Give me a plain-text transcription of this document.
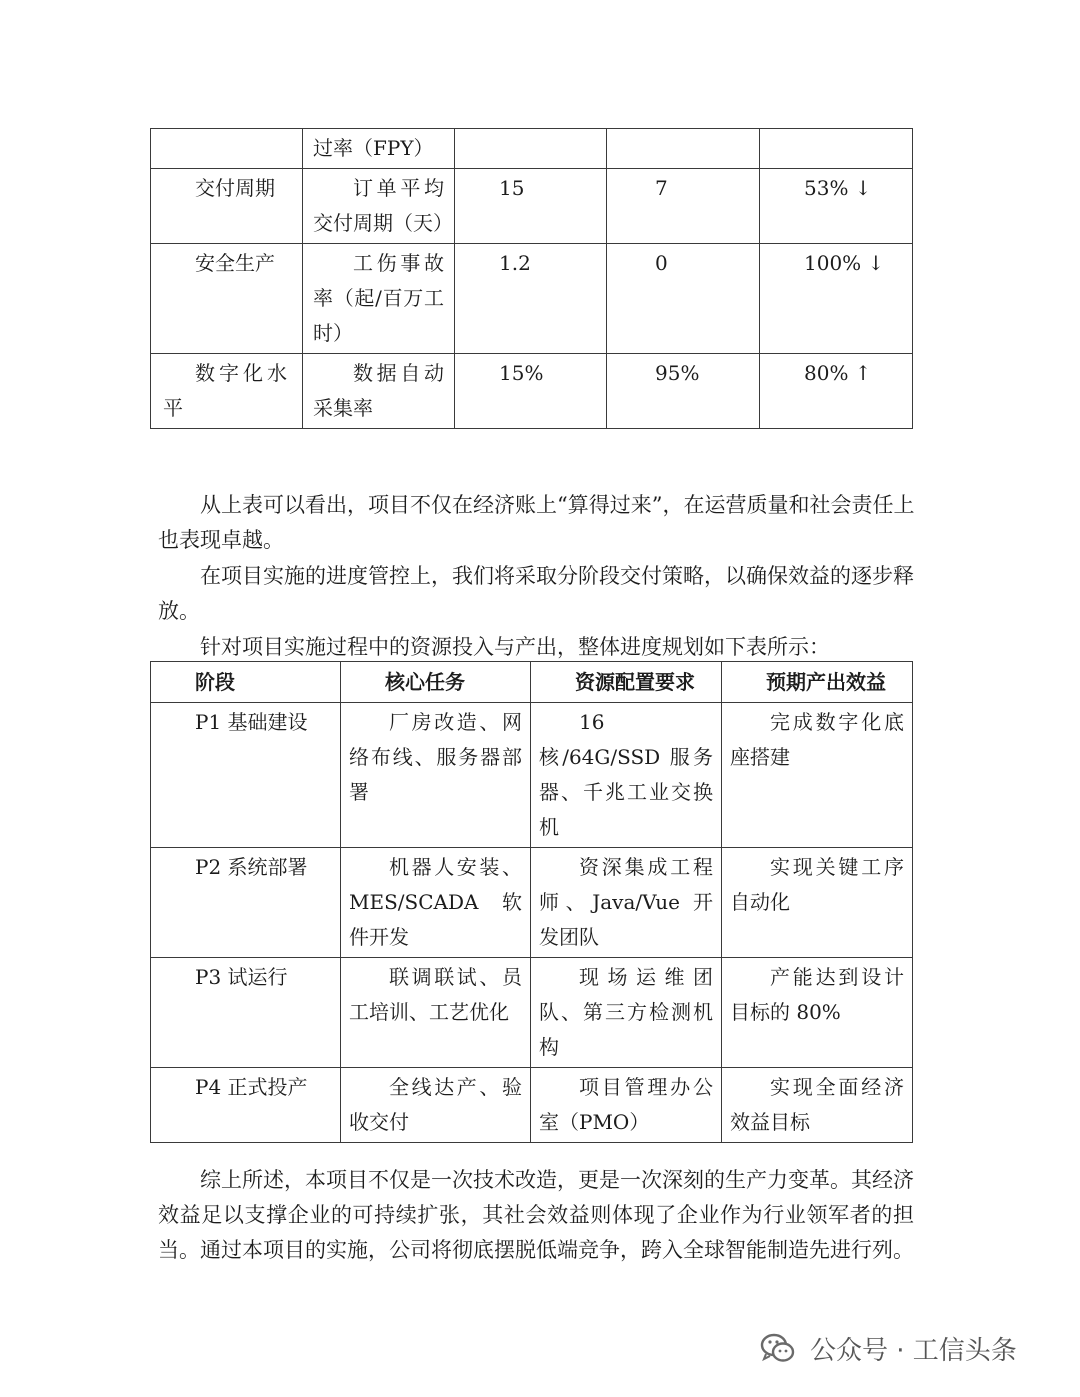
	过率（FPY）			
交付周期	订单平均交付周期（天）	15	7	53% ↓
安全生产	工伤事故率（起/百万工时）	1.2	0	100% ↓
数字化水平	数据自动采集率	15%	95%	80% ↑

从上表可以看出，项目不仅在经济账上“算得过来”，在运营质量和社会责任上也表现卓越。

在项目实施的进度管控上，我们将采取分阶段交付策略，以确保效益的逐步释放。

针对项目实施过程中的资源投入与产出，整体进度规划如下表所示：

阶段	核心任务	资源配置要求	预期产出效益
P1 基础建设	厂房改造、网络布线、服务器部署	16 核/64G/SSD 服务器、千兆工业交换机	完成数字化底座搭建
P2 系统部署	机器人安装、MES/SCADA 软件开发	资深集成工程师、Java/Vue 开发团队	实现关键工序自动化
P3 试运行	联调联试、员工培训、工艺优化	现场运维团队、第三方检测机构	产能达到设计目标的 80%
P4 正式投产	全线达产、验收交付	项目管理办公室（PMO）	实现全面经济效益目标

综上所述，本项目不仅是一次技术改造，更是一次深刻的生产力变革。其经济效益足以支撑企业的可持续扩张，其社会效益则体现了企业作为行业领军者的担当。通过本项目的实施，公司将彻底摆脱低端竞争，跨入全球智能制造先进行列。

公众号 · 工信头条
